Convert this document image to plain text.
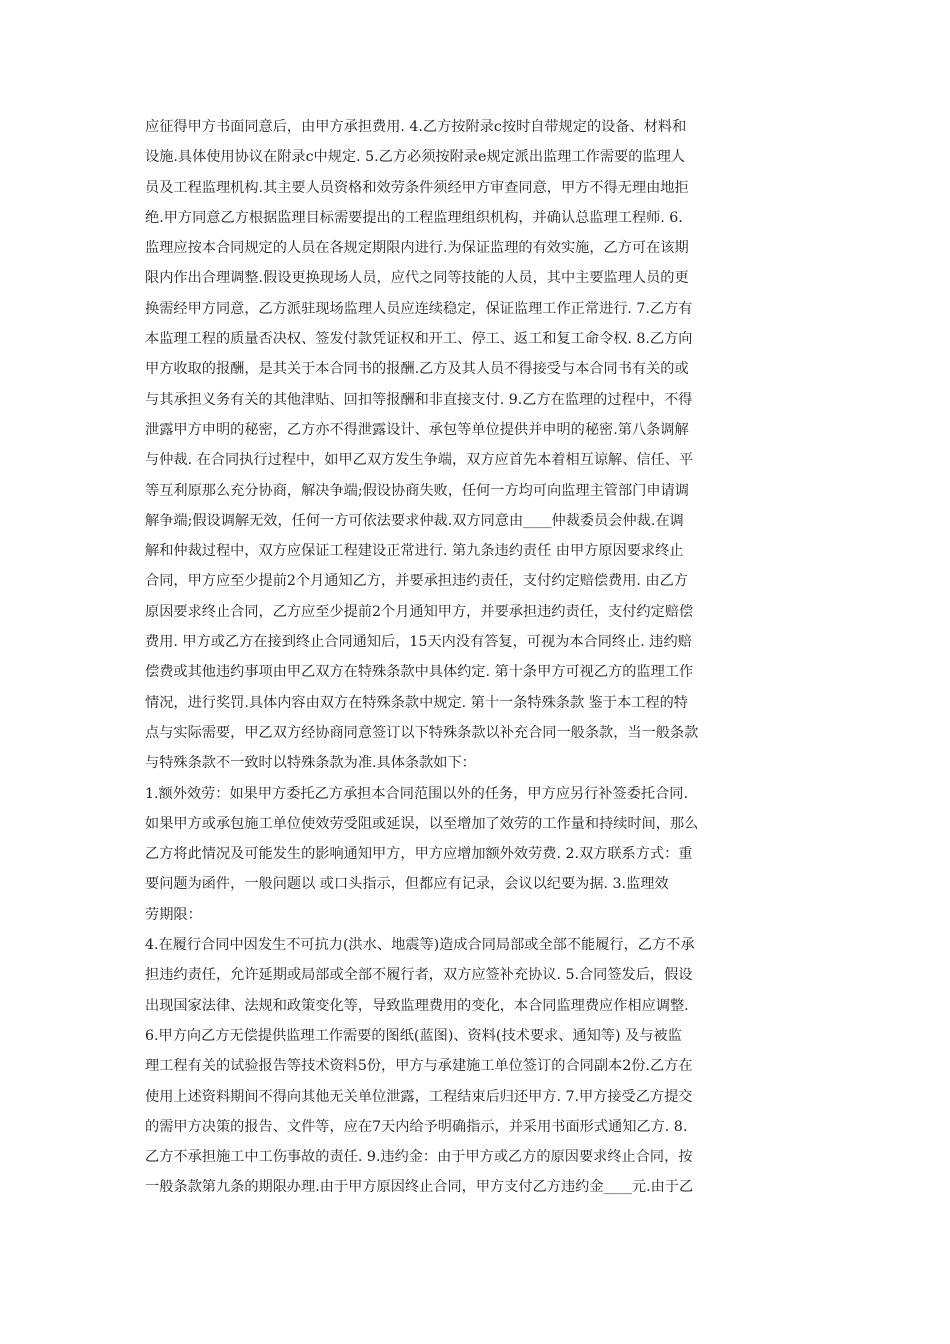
应征得甲方书面同意后，由甲方承担费用. 4.乙方按附录c按时自带规定的设备、材料和
设施.具体使用协议在附录c中规定. 5.乙方必须按附录e规定派出监理工作需要的监理人
员及工程监理机构.其主要人员资格和效劳条件须经甲方审查同意，甲方不得无理由地拒
绝.甲方同意乙方根据监理目标需要提出的工程监理组织机构，并确认总监理工程师. 6.
监理应按本合同规定的人员在各规定期限内进行.为保证监理的有效实施，乙方可在该期
限内作出合理调整.假设更换现场人员，应代之同等技能的人员，其中主要监理人员的更
换需经甲方同意，乙方派驻现场监理人员应连续稳定，保证监理工作正常进行. 7.乙方有
本监理工程的质量否决权、签发付款凭证权和开工、停工、返工和复工命令权. 8.乙方向
甲方收取的报酬，是其关于本合同书的报酬.乙方及其人员不得接受与本合同书有关的或
与其承担义务有关的其他津贴、回扣等报酬和非直接支付. 9.乙方在监理的过程中，不得
泄露甲方申明的秘密，乙方亦不得泄露设计、承包等单位提供并申明的秘密.第八条调解
与仲裁. 在合同执行过程中，如甲乙双方发生争端，双方应首先本着相互谅解、信任、平
等互利原那么充分协商，解决争端;假设协商失败，任何一方均可向监理主管部门申请调
解争端;假设调解无效，任何一方可依法要求仲裁.双方同意由____仲裁委员会仲裁.在调
解和仲裁过程中，双方应保证工程建设正常进行. 第九条违约责任 由甲方原因要求终止
合同，甲方应至少提前2个月通知乙方，并要承担违约责任，支付约定赔偿费用. 由乙方
原因要求终止合同，乙方应至少提前2个月通知甲方，并要承担违约责任，支付约定赔偿
费用. 甲方或乙方在接到终止合同通知后，15天内没有答复，可视为本合同终止. 违约赔
偿费或其他违约事项由甲乙双方在特殊条款中具体约定. 第十条甲方可视乙方的监理工作
情况，进行奖罚.具体内容由双方在特殊条款中规定. 第十一条特殊条款 鉴于本工程的特
点与实际需要，甲乙双方经协商同意签订以下特殊条款以补充合同一般条款，当一般条款
与特殊条款不一致时以特殊条款为准.具体条款如下：
1.额外效劳：如果甲方委托乙方承担本合同范围以外的任务，甲方应另行补签委托合同.
如果甲方或承包施工单位使效劳受阻或延误，以至增加了效劳的工作量和持续时间，那么
乙方将此情况及可能发生的影响通知甲方，甲方应增加额外效劳费. 2.双方联系方式：重
要问题为函件，一般问题以 或口头指示，但都应有记录，会议以纪要为据. 3.监理效
劳期限：
4.在履行合同中因发生不可抗力(洪水、地震等)造成合同局部或全部不能履行，乙方不承
担违约责任，允许延期或局部或全部不履行者，双方应签补充协议. 5.合同签发后，假设
出现国家法律、法规和政策变化等，导致监理费用的变化，本合同监理费应作相应调整.
6.甲方向乙方无偿提供监理工作需要的图纸(蓝图)、资料(技术要求、通知等) 及与被监
理工程有关的试验报告等技术资料5份，甲方与承建施工单位签订的合同副本2份.乙方在
使用上述资料期间不得向其他无关单位泄露，工程结束后归还甲方. 7.甲方接受乙方提交
的需甲方决策的报告、文件等，应在7天内给予明确指示，并采用书面形式通知乙方. 8.
乙方不承担施工中工伤事故的责任. 9.违约金：由于甲方或乙方的原因要求终止合同，按
一般条款第九条的期限办理.由于甲方原因终止合同，甲方支付乙方违约金____元.由于乙
